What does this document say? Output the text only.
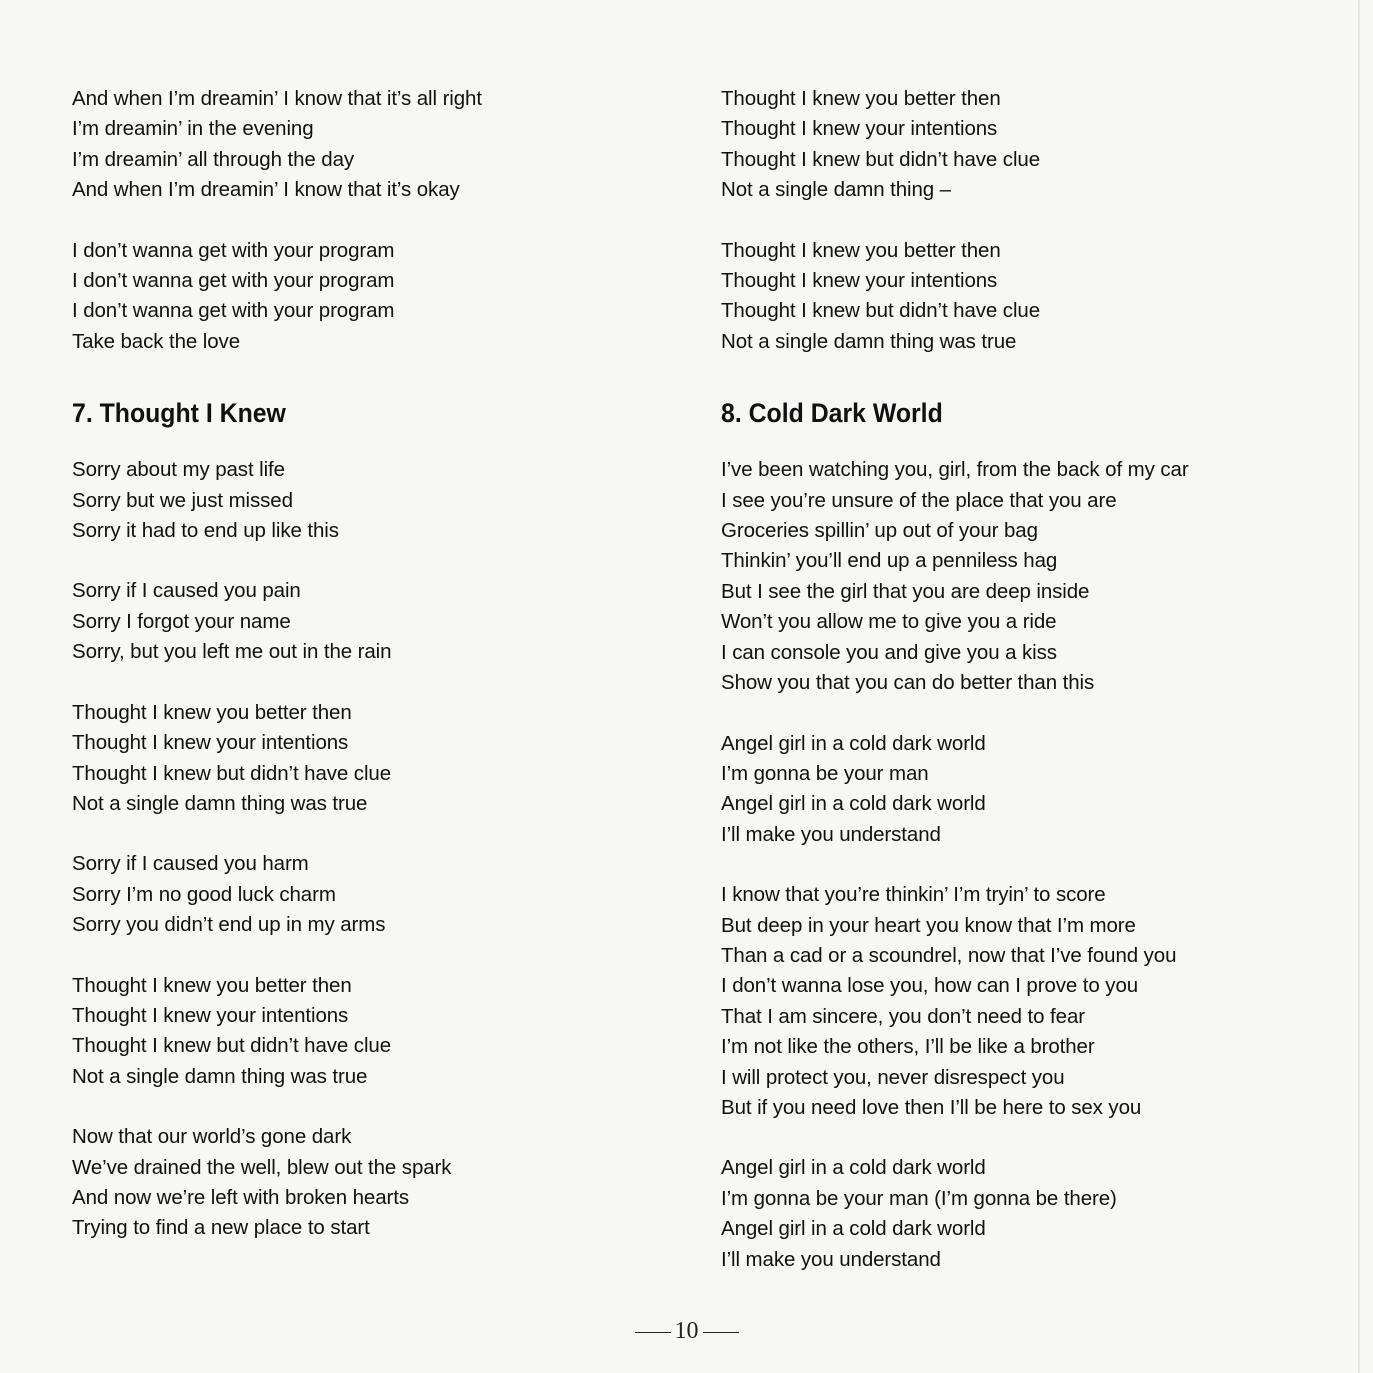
And when I’m dreamin’ I know that it’s all right
I’m dreamin’ in the evening
I’m dreamin’ all through the day
And when I’m dreamin’ I know that it’s okay
I don’t wanna get with your program
I don’t wanna get with your program
I don’t wanna get with your program
Take back the love
7. Thought I Knew
Sorry about my past life
Sorry but we just missed
Sorry it had to end up like this
Sorry if I caused you pain
Sorry I forgot your name
Sorry, but you left me out in the rain
Thought I knew you better then
Thought I knew your intentions
Thought I knew but didn’t have clue
Not a single damn thing was true
Sorry if I caused you harm
Sorry I’m no good luck charm
Sorry you didn’t end up in my arms
Thought I knew you better then
Thought I knew your intentions
Thought I knew but didn’t have clue
Not a single damn thing was true
Now that our world’s gone dark
We’ve drained the well, blew out the spark
And now we’re left with broken hearts
Trying to find a new place to start
Thought I knew you better then
Thought I knew your intentions
Thought I knew but didn’t have clue
Not a single damn thing –
Thought I knew you better then
Thought I knew your intentions
Thought I knew but didn’t have clue
Not a single damn thing was true
8. Cold Dark World
I’ve been watching you, girl, from the back of my car
I see you’re unsure of the place that you are
Groceries spillin’ up out of your bag
Thinkin’ you’ll end up a penniless hag
But I see the girl that you are deep inside
Won’t you allow me to give you a ride
I can console you and give you a kiss
Show you that you can do better than this
Angel girl in a cold dark world
I’m gonna be your man
Angel girl in a cold dark world
I’ll make you understand
I know that you’re thinkin’ I’m tryin’ to score
But deep in your heart you know that I’m more
Than a cad or a scoundrel, now that I’ve found you
I don’t wanna lose you, how can I prove to you
That I am sincere, you don’t need to fear
I’m not like the others, I’ll be like a brother
I will protect you, never disrespect you
But if you need love then I’ll be here to sex you
Angel girl in a cold dark world
I’m gonna be your man (I’m gonna be there)
Angel girl in a cold dark world
I’ll make you understand
10
